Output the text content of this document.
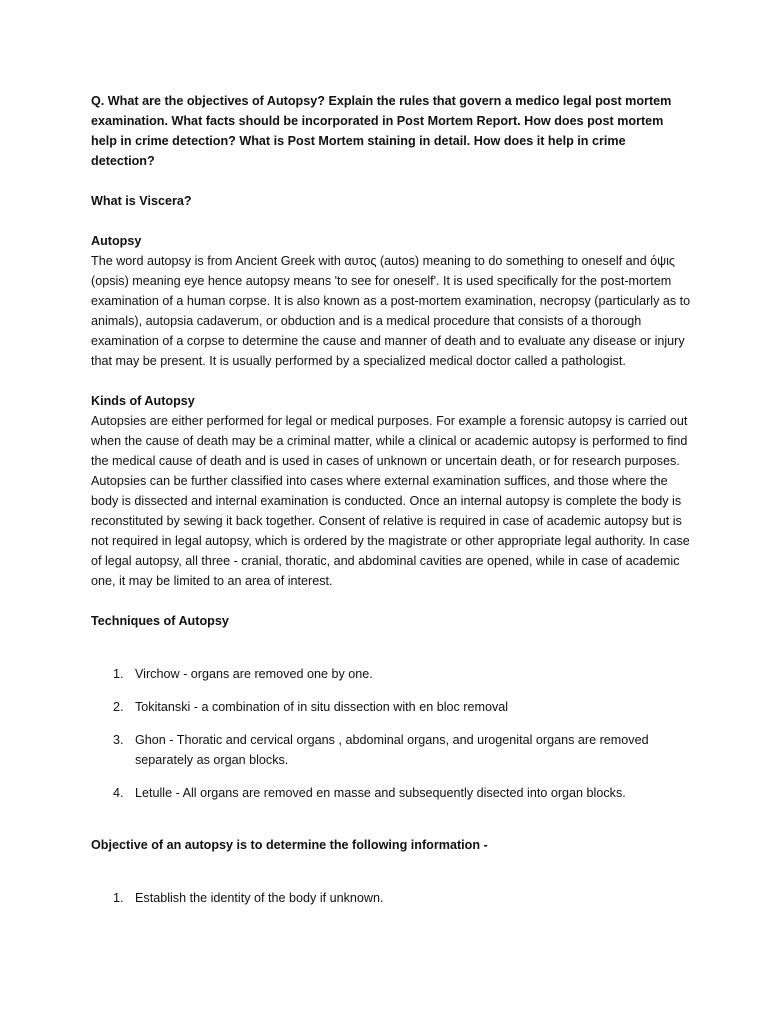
Q. What are the objectives of Autopsy? Explain the rules that govern a medico legal post mortem examination. What facts should be incorporated in Post Mortem Report. How does post mortem help in crime detection? What is Post Mortem staining in detail. How does it help in crime detection?

What is Viscera?

Autopsy

The word autopsy is from Ancient Greek with αυτος (autos) meaning to do something to oneself and όψις (opsis) meaning eye hence autopsy means 'to see for oneself'. It is used specifically for the post-mortem examination of a human corpse. It is also known as a post-mortem examination, necropsy (particularly as to animals), autopsia cadaverum, or obduction and is a medical procedure that consists of a thorough examination of a corpse to determine the cause and manner of death and to evaluate any disease or injury that may be present. It is usually performed by a specialized medical doctor called a pathologist.

Kinds of Autopsy

Autopsies are either performed for legal or medical purposes. For example a forensic autopsy is carried out when the cause of death may be a criminal matter, while a clinical or academic autopsy is performed to find the medical cause of death and is used in cases of unknown or uncertain death, or for research purposes. Autopsies can be further classified into cases where external examination suffices, and those where the body is dissected and internal examination is conducted. Once an internal autopsy is complete the body is reconstituted by sewing it back together. Consent of relative is required in case of academic autopsy but is not required in legal autopsy, which is ordered by the magistrate or other appropriate legal authority. In case of legal autopsy, all three - cranial, thoratic, and abdominal cavities are opened, while in case of academic one, it may be limited to an area of interest.

Techniques of Autopsy

1. Virchow - organs are removed one by one.
2. Tokitanski - a combination of in situ dissection with en bloc removal
3. Ghon - Thoratic and cervical organs , abdominal organs, and urogenital organs are removed separately as organ blocks.
4. Letulle - All organs are removed en masse and subsequently disected into organ blocks.

Objective of an autopsy is to determine the following information -

1. Establish the identity of the body if unknown.
